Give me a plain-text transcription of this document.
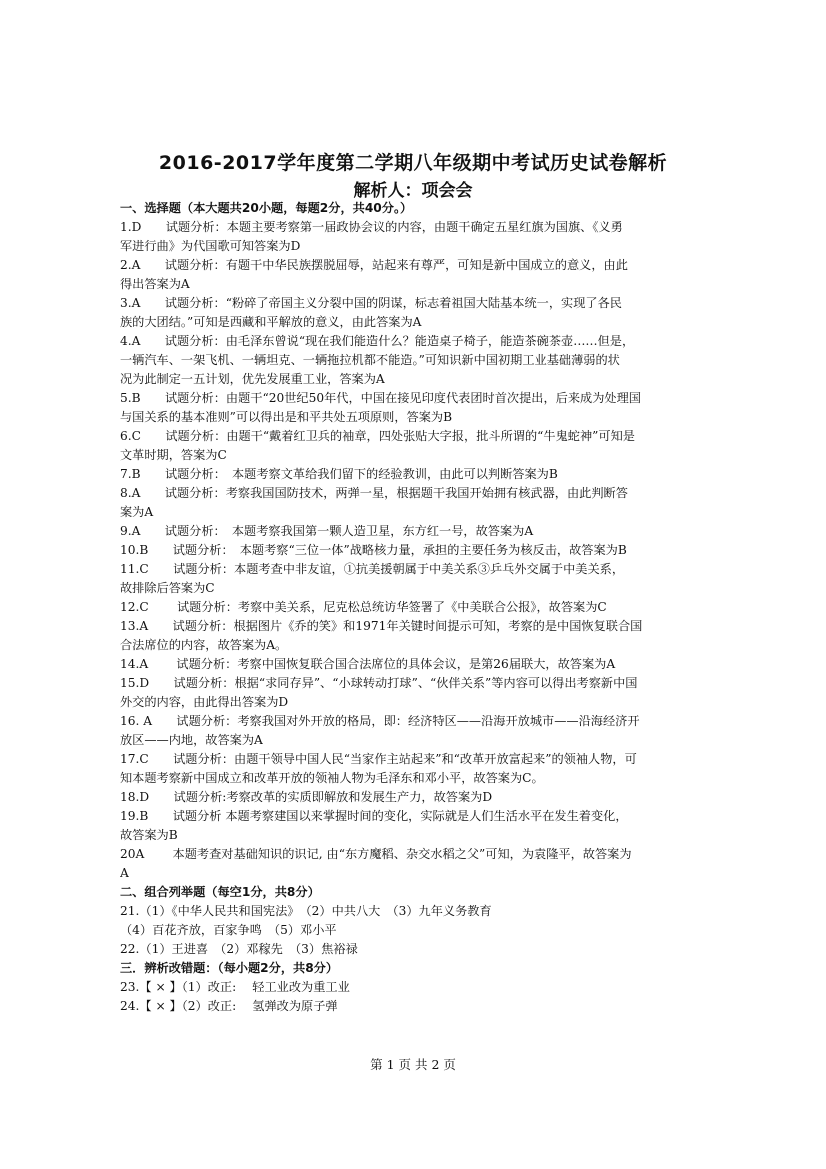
2016-2017学年度第二学期八年级期中考试历史试卷解析
解析人：项会会
一、选择题（本大题共20小题，每题2分，共40分。）
1.D　　试题分析：本题主要考察第一届政协会议的内容，由题干确定五星红旗为国旗、《义勇
军进行曲》为代国歌可知答案为D
2.A　　试题分析：有题干中华民族摆脱屈辱，站起来有尊严，可知是新中国成立的意义，由此
得出答案为A
3.A　　试题分析：“粉碎了帝国主义分裂中国的阴谋，标志着祖国大陆基本统一，实现了各民
族的大团结。”可知是西藏和平解放的意义，由此答案为A
4.A　　试题分析：由毛泽东曾说“现在我们能造什么？能造桌子椅子，能造茶碗茶壶……但是，
一辆汽车、一架飞机、一辆坦克、一辆拖拉机都不能造。”可知识新中国初期工业基础薄弱的状
况为此制定一五计划，优先发展重工业，答案为A
5.B　　试题分析：由题干“20世纪50年代，中国在接见印度代表团时首次提出，后来成为处理国
与国关系的基本准则”可以得出是和平共处五项原则，答案为B
6.C　　试题分析：由题干“戴着红卫兵的袖章，四处张贴大字报，批斗所谓的“牛鬼蛇神”可知是
文革时期，答案为C
7.B　　试题分析：　本题考察文革给我们留下的经验教训，由此可以判断答案为B
8.A　　试题分析：考察我国国防技术，两弹一星，根据题干我国开始拥有核武器，由此判断答
案为A
9.A　　试题分析：　本题考察我国第一颗人造卫星，东方红一号，故答案为A
10.B　　试题分析：　本题考察“三位一体”战略核力量，承担的主要任务为核反击，故答案为B
11.C　　试题分析：本题考查中非友谊，①抗美援朝属于中美关系③乒乓外交属于中美关系，
故排除后答案为C
12.C　　 试题分析：考察中美关系，尼克松总统访华签署了《中美联合公报》，故答案为C
13.A　　试题分析：根据图片《乔的笑》和1971年关键时间提示可知，考察的是中国恢复联合国
合法席位的内容，故答案为A。
14.A　　 试题分析：考察中国恢复联合国合法席位的具体会议，是第26届联大，故答案为A
15.D　　试题分析：根据“求同存异”、“小球转动打球”、“伙伴关系”等内容可以得出考察新中国
外交的内容，由此得出答案为D
16. A　　试题分析：考察我国对外开放的格局，即：经济特区——沿海开放城市——沿海经济开
放区——内地，故答案为A
17.C　　试题分析：由题干领导中国人民“当家作主站起来”和“改革开放富起来”的领袖人物，可
知本题考察新中国成立和改革开放的领袖人物为毛泽东和邓小平，故答案为C。
18.D　　试题分析:考察改革的实质即解放和发展生产力，故答案为D
19.B　　试题分析 本题考察建国以来掌握时间的变化，实际就是人们生活水平在发生着变化，
故答案为B
20A　　 本题考查对基础知识的识记, 由“东方魔稻、杂交水稻之父”可知，为袁隆平，故答案为
A
二、组合列举题（每空1分，共8分）
21.（1）《中华人民共和国宪法》　（2）中共八大　（3）九年义务教育
（4）百花齐放，百家争鸣　（5）邓小平
22.（1）王进喜　（2）邓稼先　（3）焦裕禄
三．辨析改错题：（每小题2分，共8分）
23.【 × 】（1）改正:　 轻工业改为重工业
24.【 × 】（2）改正:　 氢弹改为原子弹
第 1 页 共 2 页
